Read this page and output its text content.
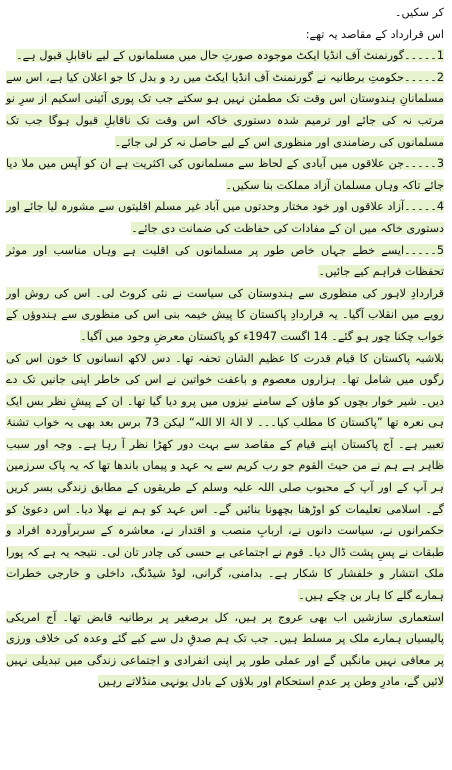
کر سکیں۔

اس قرارداد کے مقاصد یہ تھے:

1۔۔۔۔۔گورنمنٹ آف انڈیا ایکٹ موجودہ صورتِ حال میں مسلمانوں کے لیے ناقابلِ قبول ہے۔

2۔۔۔۔۔حکومتِ برطانیہ نے گورنمنٹ آف انڈیا ایکٹ میں رد و بدل کا جو اعلان کیا ہے، اس سے مسلمانانِ ہندوستان اس وقت تک مطمئن نہیں ہو سکتے جب تک پوری آئینی اسکیم از سرِ نو مرتب نہ کی جائے اور ترمیم شدہ دستوری خاکہ اس وقت تک ناقابلِ قبول ہوگا جب تک مسلمانوں کی رضامندی اور منظوری اس کے لیے حاصل نہ کر لی جائے۔

3۔۔۔۔۔جن علاقوں میں آبادی کے لحاظ سے مسلمانوں کی اکثریت ہے ان کو آپس میں ملا دیا جائے تاکہ وہاں مسلمان آزاد مملکت بنا سکیں۔

4۔۔۔۔۔آزاد علاقوں اور خود مختار وحدتوں میں آباد غیر مسلم اقلیتوں سے مشورہ لیا جائے اور دستوری خاکہ میں ان کے مفادات کی حفاظت کی ضمانت دی جائے۔

5۔۔۔۔۔ایسے خطے جہاں خاص طور پر مسلمانوں کی اقلیت ہے وہاں مناسب اور موثر تحفظات فراہم کیے جائیں۔

قراردادِ لاہور کی منظوری سے ہندوستان کی سیاست نے نئی کروٹ لی۔ اس کی روش اور رویے میں انقلاب آگیا۔ یہ قراردادِ پاکستان کا پیش خیمہ بنی اس کی منظوری سے ہندوؤں کے خواب چکنا چور ہو گئے۔ 14 اگست 1947ء کو پاکستان معرضِ وجود میں آگیا۔

بلاشبہ پاکستان کا قیام قدرت کا عظیم الشان تحفہ تھا۔ دس لاکھ انسانوں کا خون اس کی رگوں میں شامل تھا۔ ہزاروں معصوم و باعفت خواتین نے اس کی خاطر اپنی جانیں تک دے دیں۔ شیر خوار بچوں کو ماؤں کے سامنے نیزوں میں پرو دیا گیا تھا۔ ان کے پیشِ نظر بس ایک ہی نعرہ تھا ”پاکستان کا مطلب کیا۔۔۔ لا الہٰ الا اللہ“ لیکن 73 برس بعد بھی یہ خواب تشنۂ تعبیر ہے۔ آج پاکستان اپنے قیام کے مقاصد سے بہت دور کھڑا نظر آ رہا ہے۔ وجہ اور سبب ظاہر ہے ہم نے من حیث القوم جو رب کریم سے یہ عہد و پیماں باندھا تھا کہ یہ پاک سرزمین ہر آپ کے اور آپ کے محبوب صلی اللہ علیہ وسلم کے طریقوں کے مطابق زندگی بسر کریں گے۔ اسلامی تعلیمات کو اوڑھنا بچھونا بنائیں گے۔ اس عہد کو ہم نے بھلا دیا۔ اس دعویٰ کو حکمرانوں نے، سیاست دانوں نے، اربابِ منصب و اقتدار نے، معاشرہ کے سربرآوردہ افراد و طبقات نے پسِ پشت ڈال دیا۔ قوم نے اجتماعی بے حسی کی چادر تان لی۔ نتیجہ یہ ہے کہ پورا ملک انتشار و خلفشار کا شکار ہے۔ بدامنی، گرانی، لوڈ شیڈنگ، داخلی و خارجی خطرات ہمارے گلے کا ہار بن چکے ہیں۔

استعماری سازشیں اب بھی عروج پر ہیں، کل برصغیر پر برطانیہ قابض تھا۔ آج امریکی پالیسیاں ہمارے ملک پر مسلط ہیں۔ جب تک ہم صدقِ دل سے کیے گئے وعدہ کی خلاف ورزی پر معافی نہیں مانگیں گے اور عملی طور پر اپنی انفرادی و اجتماعی زندگی میں تبدیلی نہیں لائیں گے، مادرِ وطن پر عدمِ استحکام اور بلاؤں کے بادل یونہی منڈلاتے رہیں
